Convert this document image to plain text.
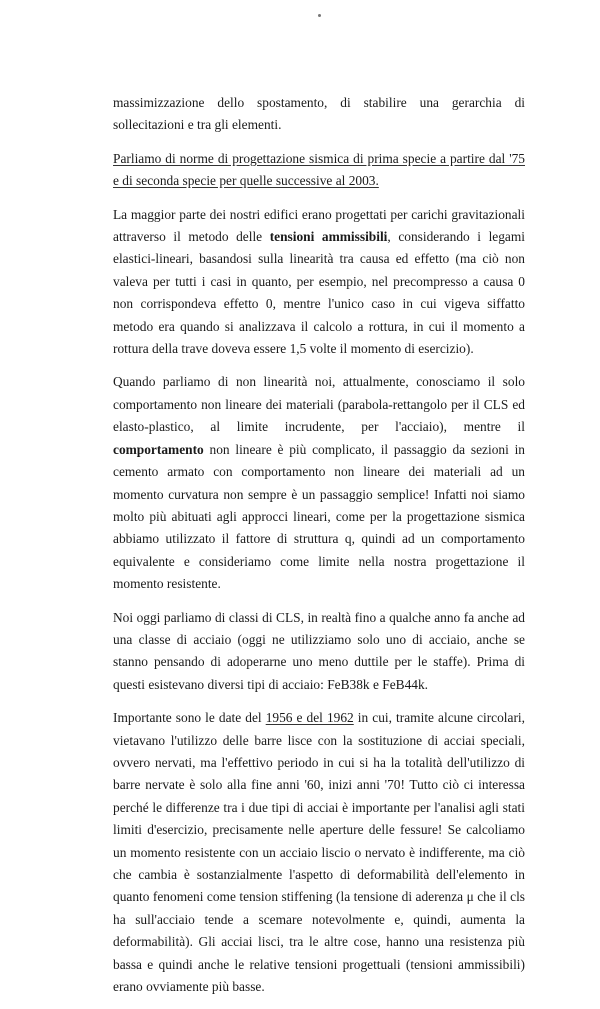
massimizzazione dello spostamento, di stabilire una gerarchia di sollecitazioni e tra gli elementi.

Parliamo di norme di progettazione sismica di prima specie a partire dal '75 e di seconda specie per quelle successive al 2003.

La maggior parte dei nostri edifici erano progettati per carichi gravitazionali attraverso il metodo delle tensioni ammissibili, considerando i legami elastici-lineari, basandosi sulla linearità tra causa ed effetto (ma ciò non valeva per tutti i casi in quanto, per esempio, nel precompresso a causa 0 non corrispondeva effetto 0, mentre l'unico caso in cui vigeva siffatto metodo era quando si analizzava il calcolo a rottura, in cui il momento a rottura della trave doveva essere 1,5 volte il momento di esercizio).

Quando parliamo di non linearità noi, attualmente, conosciamo il solo comportamento non lineare dei materiali (parabola-rettangolo per il CLS ed elasto-plastico, al limite incrudente, per l'acciaio), mentre il comportamento non lineare è più complicato, il passaggio da sezioni in cemento armato con comportamento non lineare dei materiali ad un momento curvatura non sempre è un passaggio semplice! Infatti noi siamo molto più abituati agli approcci lineari, come per la progettazione sismica abbiamo utilizzato il fattore di struttura q, quindi ad un comportamento equivalente e consideriamo come limite nella nostra progettazione il momento resistente.

Noi oggi parliamo di classi di CLS, in realtà fino a qualche anno fa anche ad una classe di acciaio (oggi ne utilizziamo solo uno di acciaio, anche se stanno pensando di adoperarne uno meno duttile per le staffe). Prima di questi esistevano diversi tipi di acciaio: FeB38k e FeB44k.

Importante sono le date del 1956 e del 1962 in cui, tramite alcune circolari, vietavano l'utilizzo delle barre lisce con la sostituzione di acciai speciali, ovvero nervati, ma l'effettivo periodo in cui si ha la totalità dell'utilizzo di barre nervate è solo alla fine anni '60, inizi anni '70! Tutto ciò ci interessa perché le differenze tra i due tipi di acciai è importante per l'analisi agli stati limiti d'esercizio, precisamente nelle aperture delle fessure! Se calcoliamo un momento resistente con un acciaio liscio o nervato è indifferente, ma ciò che cambia è sostanzialmente l'aspetto di deformabilità dell'elemento in quanto fenomeni come tension stiffening (la tensione di aderenza μ che il cls ha sull'acciaio tende a scemare notevolmente e, quindi, aumenta la deformabilità). Gli acciai lisci, tra le altre cose, hanno una resistenza più bassa e quindi anche le relative tensioni progettuali (tensioni ammissibili) erano ovviamente più basse.
